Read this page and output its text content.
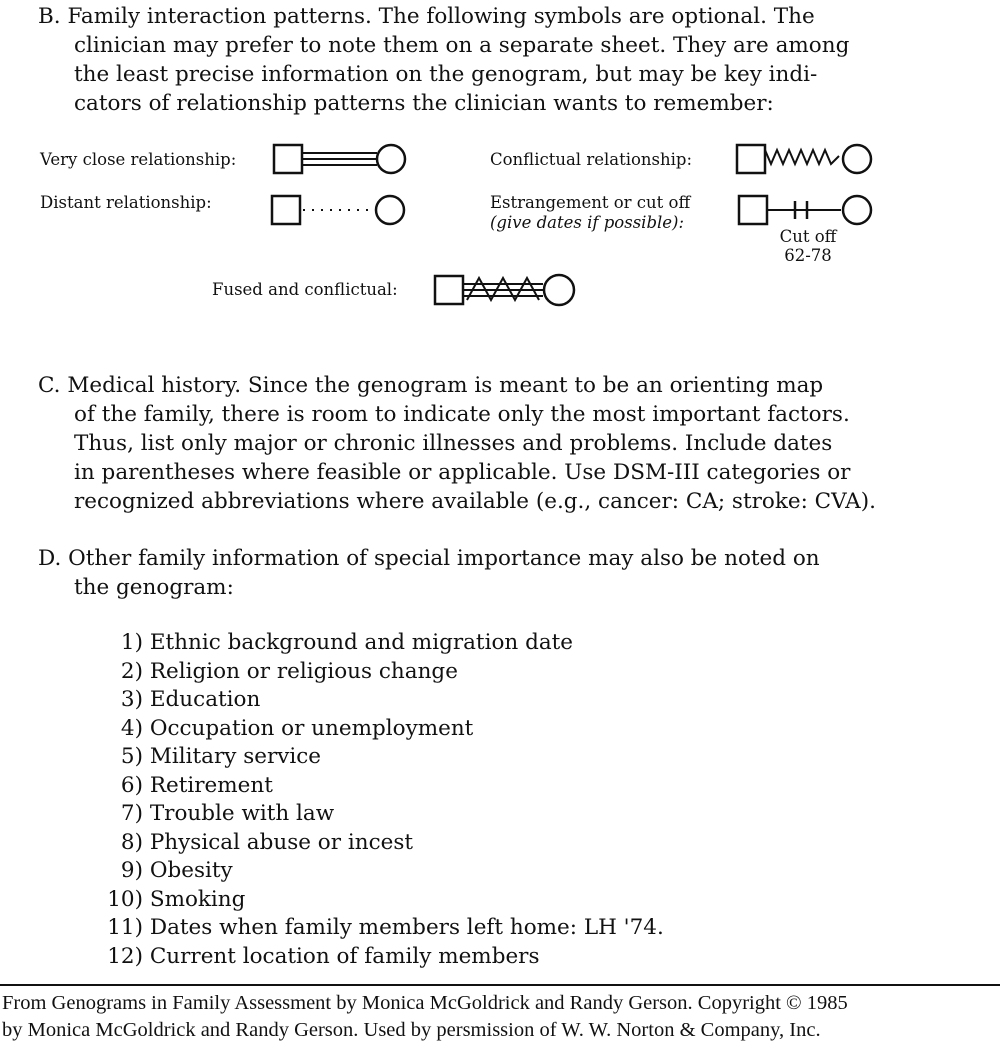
B. Family interaction patterns. The following symbols are optional. The
clinician may prefer to note them on a separate sheet. They are among
the least precise information on the genogram, but may be key indi-
cators of relationship patterns the clinician wants to remember:
Very close relationship:	Conflictual relationship:
Distant relationship:	Estrangement or cut off
(give dates if possible):
Cut off
62-78
Fused and conflictual:
C. Medical history. Since the genogram is meant to be an orienting map
of the family, there is room to indicate only the most important factors.
Thus, list only major or chronic illnesses and problems. Include dates
in parentheses where feasible or applicable. Use DSM-III categories or
recognized abbreviations where available (e.g., cancer: CA; stroke: CVA).
D. Other family information of special importance may also be noted on
the genogram:
1) Ethnic background and migration date
2) Religion or religious change
3) Education
4) Occupation or unemployment
5) Military service
6) Retirement
7) Trouble with law
8) Physical abuse or incest
9) Obesity
10) Smoking
11) Dates when family members left home: LH '74.
12) Current location of family members
From Genograms in Family Assessment by Monica McGoldrick and Randy Gerson. Copyright © 1985
by Monica McGoldrick and Randy Gerson. Used by persmission of W. W. Norton & Company, Inc.
